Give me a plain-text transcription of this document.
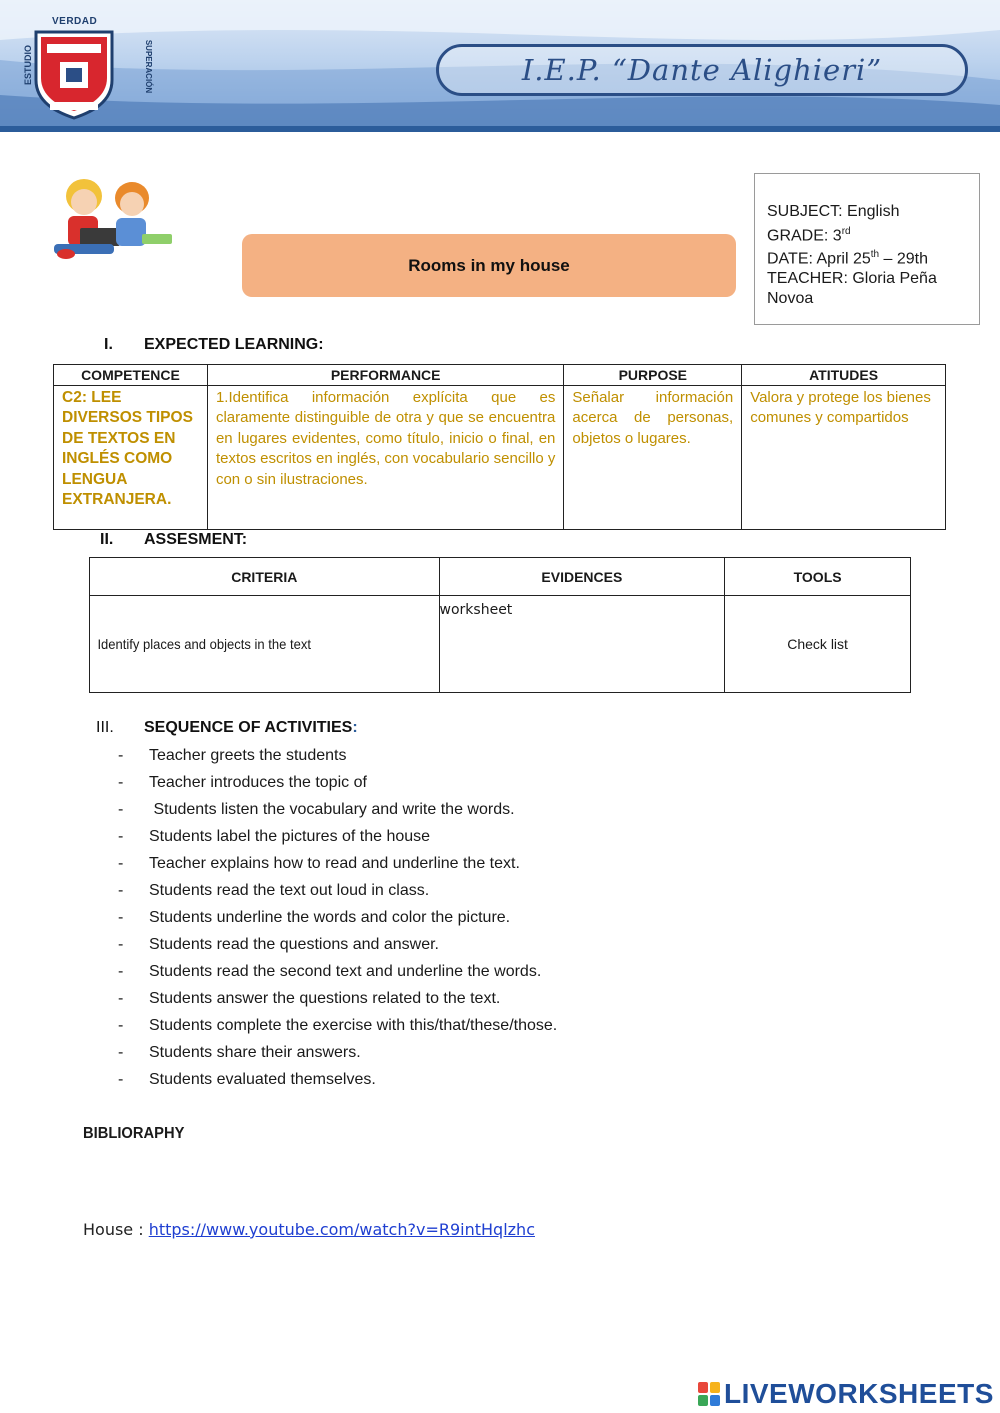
VERDAD
ESTUDIO	SUPERACIÓN	I.E.P. “Dante Alighieri”
Rooms in my house
SUBJECT: English
GRADE: 3rd
DATE: April 25th – 29th
TEACHER: Gloria Peña Novoa
I. EXPECTED LEARNING:
COMPETENCE	PERFORMANCE	PURPOSE	ATITUDES
C2: LEE DIVERSOS TIPOS DE TEXTOS EN INGLÉS COMO LENGUA EXTRANJERA.	1.Identifica información explícita que es claramente distinguible de otra y que se encuentra en lugares evidentes, como título, inicio o final, en textos escritos en inglés, con vocabulario sencillo y con o sin ilustraciones.	Señalar información acerca de personas, objetos o lugares.	Valora y protege los bienes comunes y compartidos
II. ASSESMENT:
CRITERIA	EVIDENCES	TOOLS

Identify places and objects in the text	worksheet	Check list
III. SEQUENCE OF ACTIVITIES:
-	Teacher greets the students
-	Teacher introduces the topic of
-	Students listen the vocabulary and write the words.
-	Students label the pictures of the house
-	Teacher explains how to read and underline the text.
-	Students read the text out loud in class.
-	Students underline the words and color the picture.
-	Students read the questions and answer.
-	Students read the second text and underline the words.
-	Students answer the questions related to the text.
-	Students complete the exercise with this/that/these/those.
-	Students share their answers.
-	Students evaluated themselves.
BIBLIORAPHY
House : https://www.youtube.com/watch?v=R9intHqlzhc
LIVEWORKSHEETS
